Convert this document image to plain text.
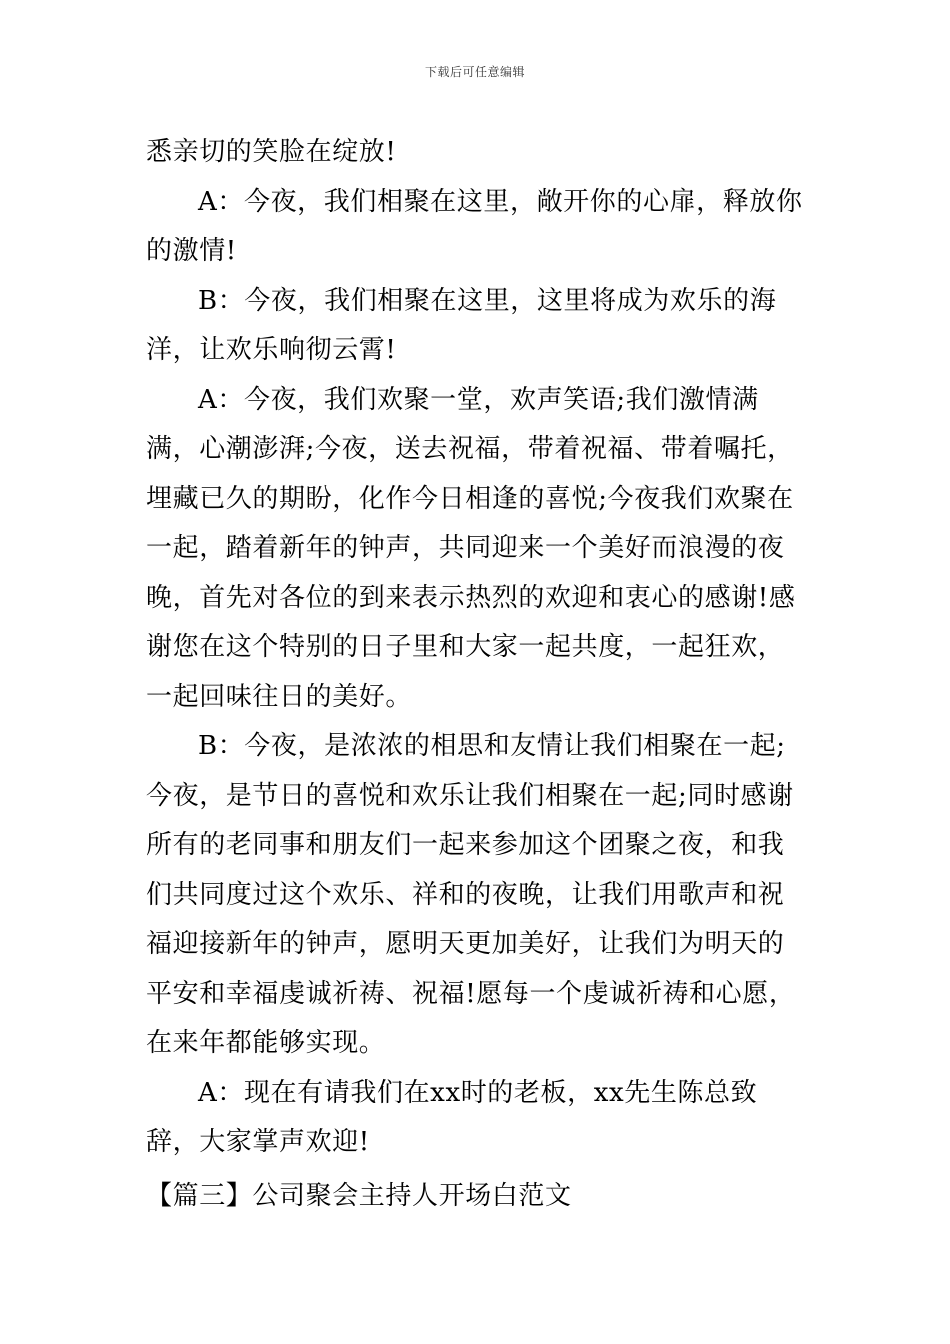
下载后可任意编辑

悉亲切的笑脸在绽放!

A：今夜，我们相聚在这里，敞开你的心扉，释放你的激情!

B：今夜，我们相聚在这里，这里将成为欢乐的海洋，让欢乐响彻云霄!

A：今夜，我们欢聚一堂，欢声笑语;我们激情满满，心潮澎湃;今夜，送去祝福，带着祝福、带着嘱托，埋藏已久的期盼，化作今日相逢的喜悦;今夜我们欢聚在一起，踏着新年的钟声，共同迎来一个美好而浪漫的夜晚，首先对各位的到来表示热烈的欢迎和衷心的感谢!感谢您在这个特别的日子里和大家一起共度，一起狂欢，一起回味往日的美好。

B：今夜，是浓浓的相思和友情让我们相聚在一起;今夜，是节日的喜悦和欢乐让我们相聚在一起;同时感谢所有的老同事和朋友们一起来参加这个团聚之夜，和我们共同度过这个欢乐、祥和的夜晚，让我们用歌声和祝福迎接新年的钟声，愿明天更加美好，让我们为明天的平安和幸福虔诚祈祷、祝福!愿每一个虔诚祈祷和心愿，在来年都能够实现。

A：现在有请我们在xx时的老板，xx先生陈总致辞，大家掌声欢迎!

【篇三】公司聚会主持人开场白范文
